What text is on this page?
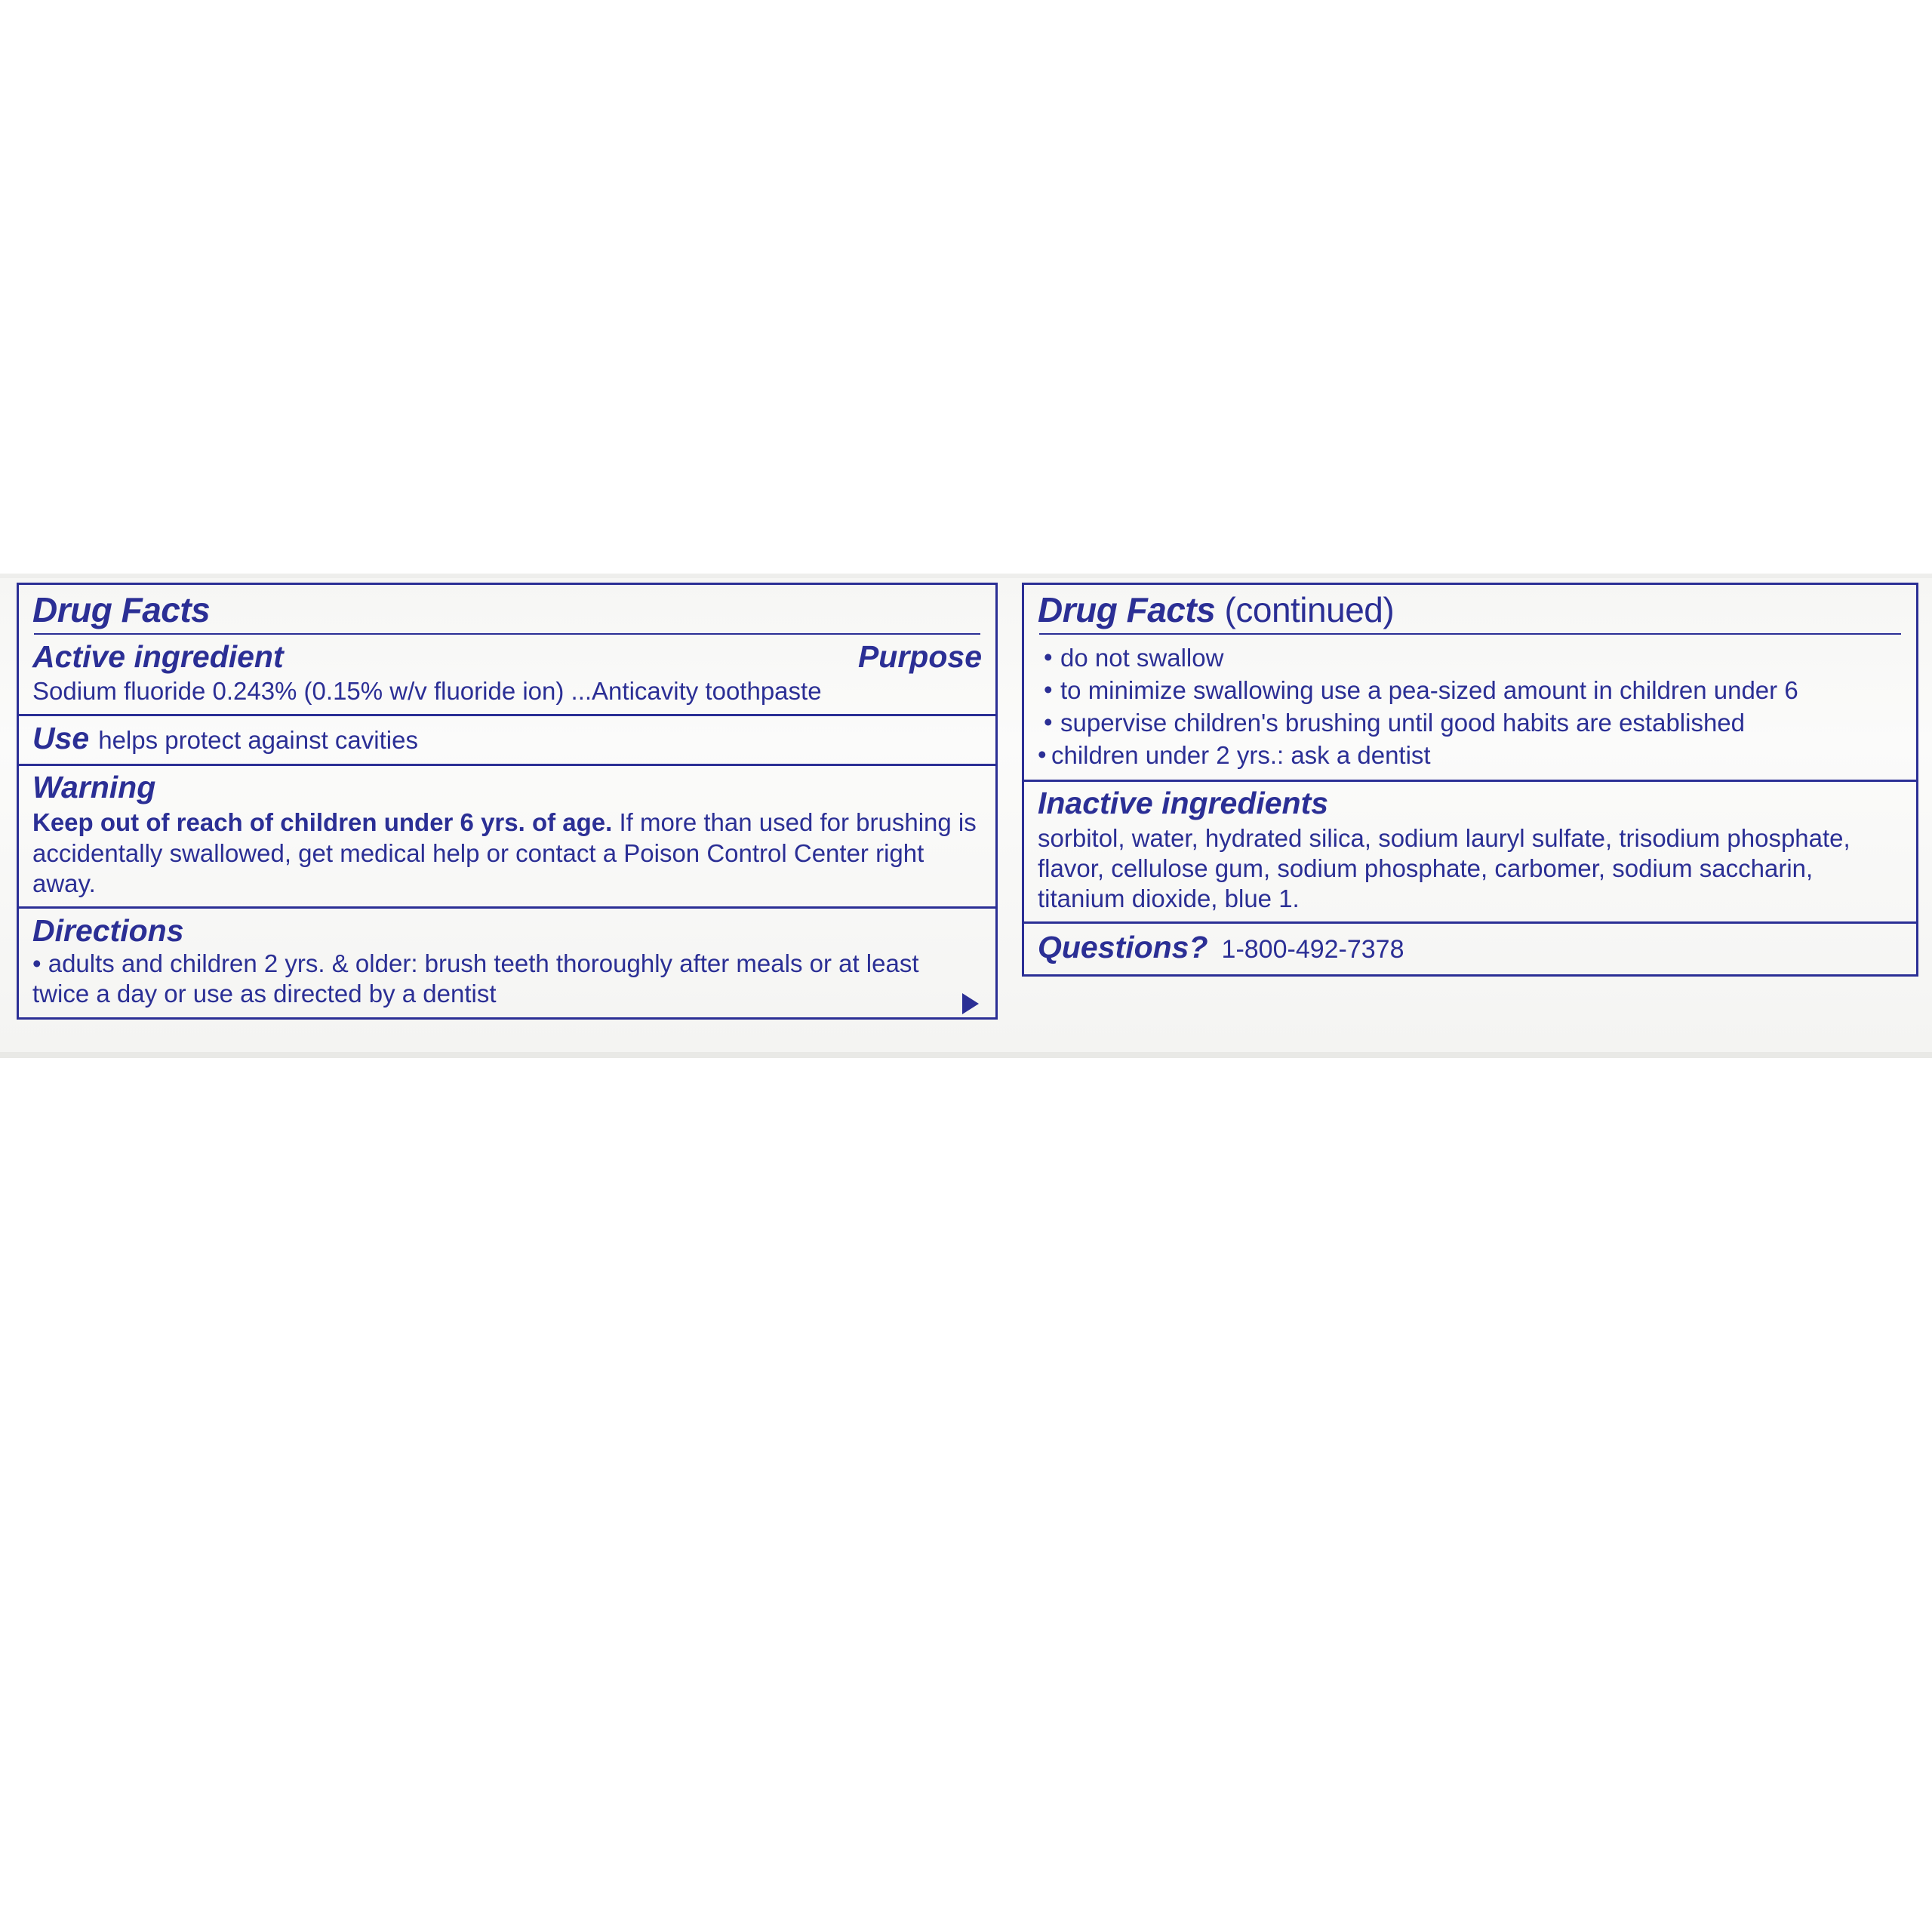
Drug Facts
Active ingredient	Purpose
Sodium fluoride 0.243% (0.15% w/v fluoride ion) ...Anticavity toothpaste
Use helps protect against cavities
Warning
Keep out of reach of children under 6 yrs. of age. If more than used for brushing is accidentally swallowed, get medical help or contact a Poison Control Center right away.
Directions
• adults and children 2 yrs. & older: brush teeth thoroughly after meals or at least twice a day or use as directed by a dentist
Drug Facts (continued)
• do not swallow
• to minimize swallowing use a pea-sized amount in children under 6
• supervise children's brushing until good habits are established
• children under 2 yrs.: ask a dentist
Inactive ingredients
sorbitol, water, hydrated silica, sodium lauryl sulfate, trisodium phosphate, flavor, cellulose gum, sodium phosphate, carbomer, sodium saccharin, titanium dioxide, blue 1.
Questions? 1-800-492-7378
